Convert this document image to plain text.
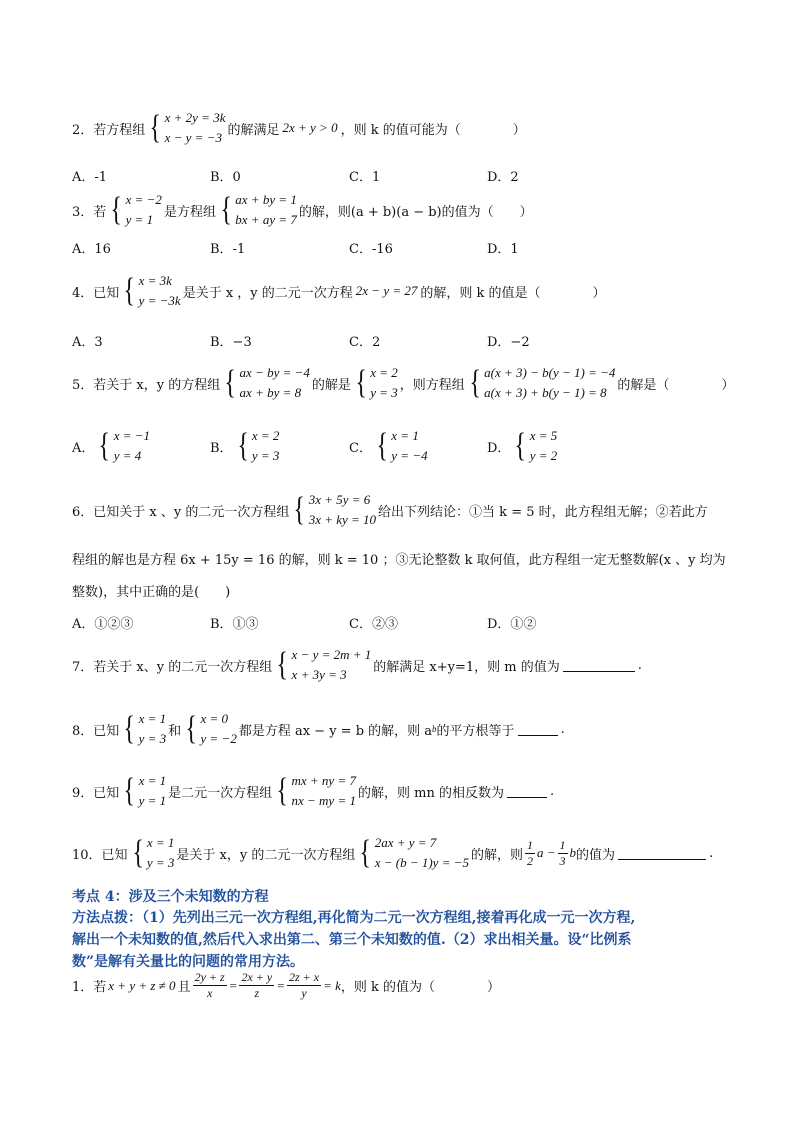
2．若方程组 { x + 2y = 3k
x − y = −3 的解满足 2x + y > 0 ，则 k 的值可能为（　　　　）
A．-1	B．0	C．1	D．2
3．若 { x = −2
y = 1 是方程组 { ax + by = 1
bx + ay = 7 的解，则(a + b)(a − b)的值为（　　）
A．16	B．-1	C．-16	D．1
4．已知 { x = 3k
y = −3k 是关于 x ，y 的二元一次方程 2x − y = 27 的解，则 k 的值是（　　　　）
A．3	B．−3	C．2	D．−2
5．若关于 x，y 的方程组 { ax − by = −4
ax + by = 8 的解是 { x = 2
y = 3 ，则方程组 { a(x + 3) − b(y − 1) = −4
a(x + 3) + b(y − 1) = 8 的解是（　　　　）
A． { x = −1
y = 4	B． { x = 2
y = 3	C． { x = 1
y = −4	D． { x = 5
y = 2
6．已知关于 x 、y 的二元一次方程组 { 3x + 5y = 6
3x + ky = 10 给出下列结论：①当 k = 5 时，此方程组无解；②若此方
程组的解也是方程 6x + 15y = 16 的解，则 k = 10 ；③无论整数 k 取何值，此方程组一定无整数解(x 、y 均为
整数)，其中正确的是(　　)
A．①②③	B．①③	C．②③	D．①②
7．若关于 x、y 的二元一次方程组 { x − y = 2m + 1
x + 3y = 3	的解满足 x+y=1，则 m 的值为	.
8．已知 { x = 1
y = 3 和 { x = 0
y = −2 都是方程 ax − y = b 的解，则 a b 的平方根等于	.
9．已知 { x = 1
y = 1 是二元一次方程组 { mx + ny = 7
nx − my = 1 的解，则 mn 的相反数为	.
10．已知 { x = 1
y = 3 是关于 x，y 的二元一次方程组 { 2ax + y = 7
x − (b − 1)y = −5 的解，则 $\frac{1}{2}$ $a - \frac{1}{3}$ b 的值为	.
考点 4：涉及三个未知数的方程
方法点拨：（1）先列出三元一次方程组,再化简为二元一次方程组,接着再化成一元一次方程,
解出一个未知数的值,然后代入求出第二、第三个未知数的值.（2）求出相关量。设“比例系
数”是解有关量比的问题的常用方法。
1．若 x + y + z ≠ 0 且 $\frac{2y + z}{x} = \frac{2x + y}{z} = \frac{2z + x}{y} = k$ ，则 k 的值为（　　　　）
